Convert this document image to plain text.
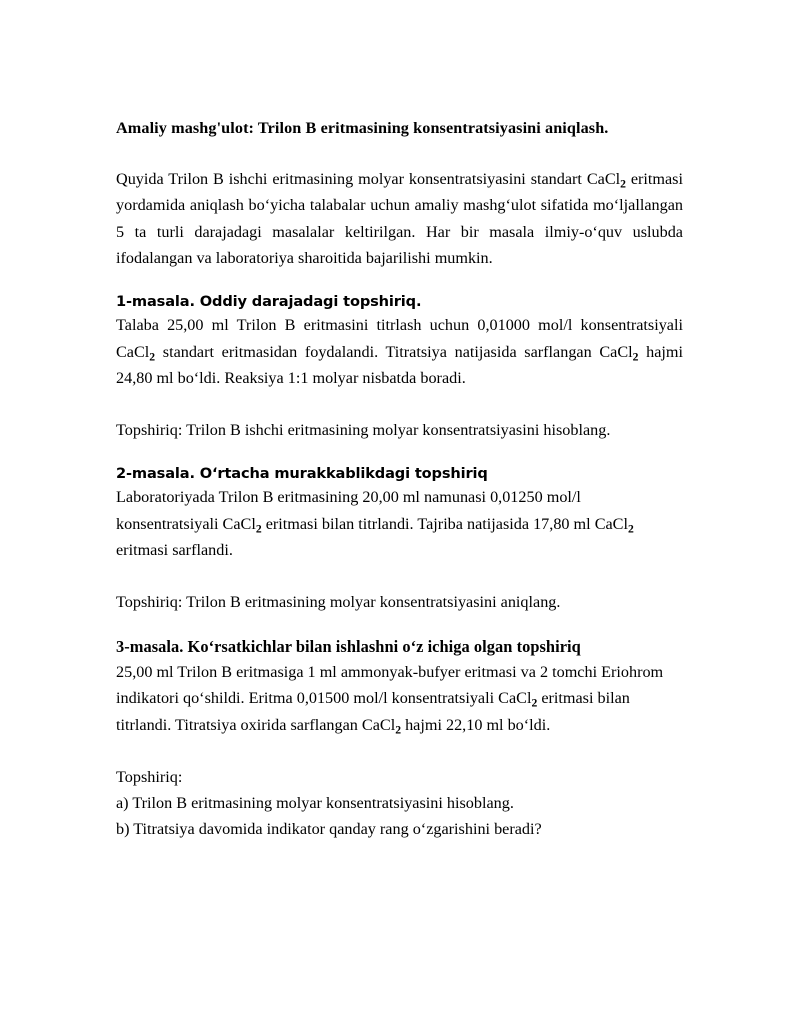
Amaliy mashg'ulot: Trilon B eritmasining konsentratsiyasini aniqlash.

Quyida Trilon B ishchi eritmasining molyar konsentratsiyasini standart CaCl$_2$ eritmasi yordamida aniqlash bo‘yicha talabalar uchun amaliy mashg‘ulot sifatida mo‘ljallangan 5 ta turli darajadagi masalalar keltirilgan. Har bir masala ilmiy-o‘quv uslubda ifodalangan va laboratoriya sharoitida bajarilishi mumkin.

1-masala. Oddiy darajadagi topshiriq.

Talaba 25,00 ml Trilon B eritmasini titrlash uchun 0,01000 mol/l konsentratsiyali CaCl$_2$ standart eritmasidan foydalandi. Titratsiya natijasida sarflangan CaCl$_2$ hajmi 24,80 ml bo‘ldi. Reaksiya 1:1 molyar nisbatda boradi.

Topshiriq: Trilon B ishchi eritmasining molyar konsentratsiyasini hisoblang.

2-masala. O‘rtacha murakkablikdagi topshiriq

Laboratoriyada Trilon B eritmasining 20,00 ml namunasi 0,01250 mol/l konsentratsiyali CaCl$_2$ eritmasi bilan titrlandi. Tajriba natijasida 17,80 ml CaCl$_2$ eritmasi sarflandi.

Topshiriq: Trilon B eritmasining molyar konsentratsiyasini aniqlang.

3-masala. Ko‘rsatkichlar bilan ishlashni o‘z ichiga olgan topshiriq

25,00 ml Trilon B eritmasiga 1 ml ammonyak-bufyer eritmasi va 2 tomchi Eriohrom indikatori qo‘shildi. Eritma 0,01500 mol/l konsentratsiyali CaCl$_2$ eritmasi bilan titrlandi. Titratsiya oxirida sarflangan CaCl$_2$ hajmi 22,10 ml bo‘ldi.

Topshiriq:

a) Trilon B eritmasining molyar konsentratsiyasini hisoblang.

b) Titratsiya davomida indikator qanday rang o‘zgarishini beradi?
